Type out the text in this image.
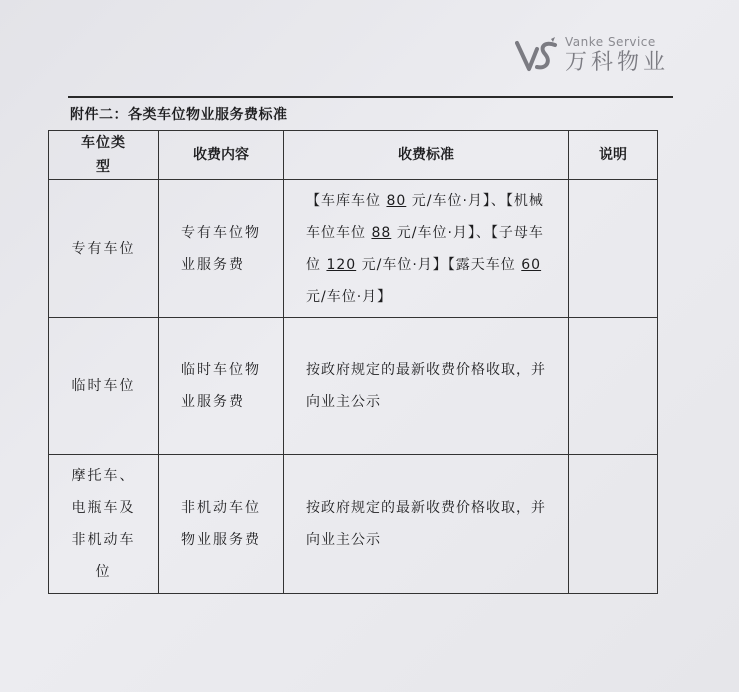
Vanke Service
万科物业
附件二：各类车位物业服务费标准
车位类型	收费内容	收费标准	说明
专有车位	专有车位物业服务费	【车库车位 80 元/车位·月】、【机械车位车位 88 元/车位·月】、【子母车位 120 元/车位·月】【露天车位 60 元/车位·月】	
临时车位	临时车位物业服务费	按政府规定的最新收费价格收取，并向业主公示	
摩托车、电瓶车及非机动车位	非机动车位物业服务费	按政府规定的最新收费价格收取，并向业主公示	
